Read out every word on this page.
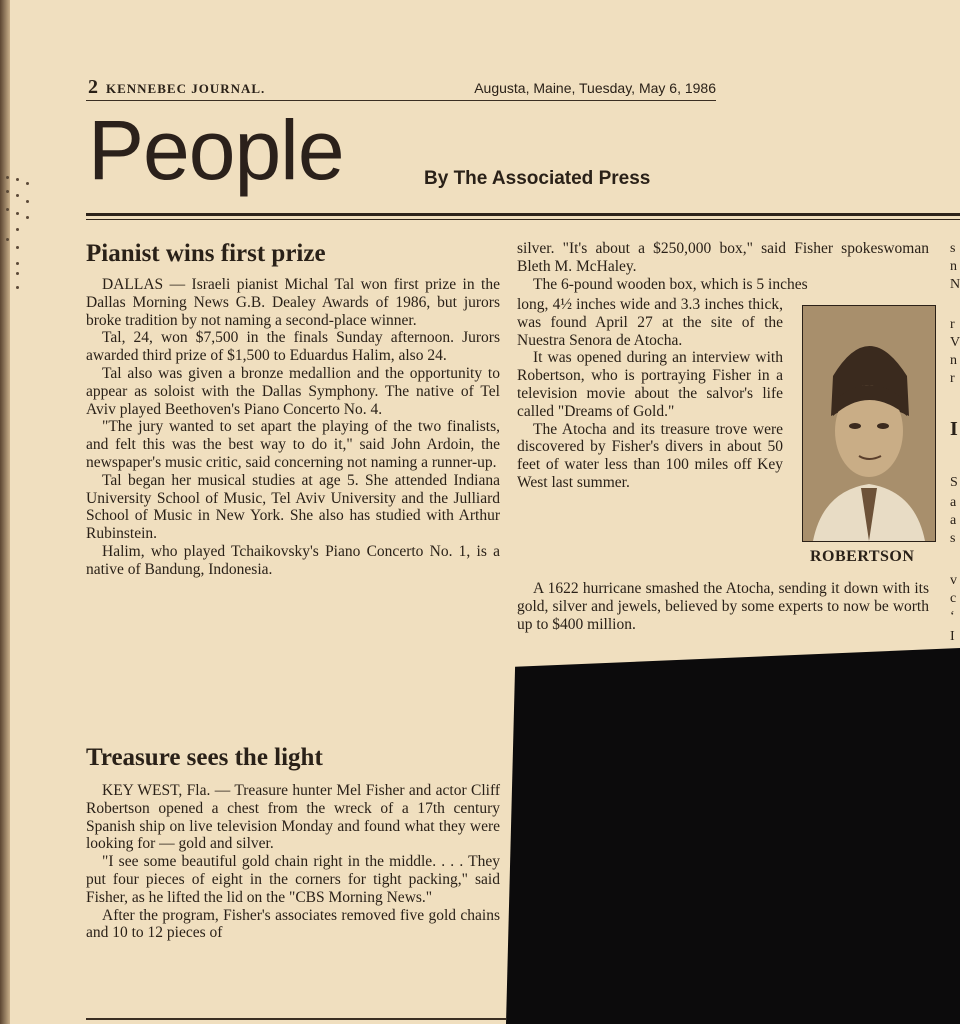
2 KENNEBEC JOURNAL.	Augusta, Maine, Tuesday, May 6, 1986
People	By The Associated Press
Pianist wins first prize

DALLAS — Israeli pianist Michal Tal won first prize in the Dallas Morning News G.B. Dealey Awards of 1986, but jurors broke tradition by not naming a second-place winner.

Tal, 24, won $7,500 in the finals Sunday afternoon. Jurors awarded third prize of $1,500 to Eduardus Halim, also 24.

Tal also was given a bronze medallion and the opportunity to appear as soloist with the Dallas Symphony. The native of Tel Aviv played Beethoven's Piano Concerto No. 4.

"The jury wanted to set apart the playing of the two finalists, and felt this was the best way to do it," said John Ardoin, the newspaper's music critic, said concerning not naming a runner-up.

Tal began her musical studies at age 5. She attended Indiana University School of Music, Tel Aviv University and the Julliard School of Music in New York. She also has studied with Arthur Rubinstein.

Halim, who played Tchaikovsky's Piano Concerto No. 1, is a native of Bandung, Indonesia.

Treasure sees the light

KEY WEST, Fla. — Treasure hunter Mel Fisher and actor Cliff Robertson opened a chest from the wreck of a 17th century Spanish ship on live television Monday and found what they were looking for — gold and silver.

"I see some beautiful gold chain right in the middle. . . . They put four pieces of eight in the corners for tight packing," said Fisher, as he lifted the lid on the "CBS Morning News."

After the program, Fisher's associates removed five gold chains and 10 to 12 pieces of

silver. "It's about a $250,000 box," said Fisher spokeswoman Bleth M. McHaley.

The 6-pound wooden box, which is 5 inches

long, 4½ inches wide and 3.3 inches thick, was found April 27 at the site of the Nuestra Senora de Atocha.

It was opened during an interview with Robertson, who is portraying Fisher in a television movie about the salvor's life called "Dreams of Gold."

The Atocha and its treasure trove were discovered by Fisher's divers in about 50 feet of water less than 100 miles off Key West last summer.

A 1622 hurricane smashed the Atocha, sending it down with its gold, silver and jewels, believed by some experts to now be worth up to $400 million.

ROBERTSON
s
n
N
r
V
n
r
I
S
a
a
s
v
c
‘
I
